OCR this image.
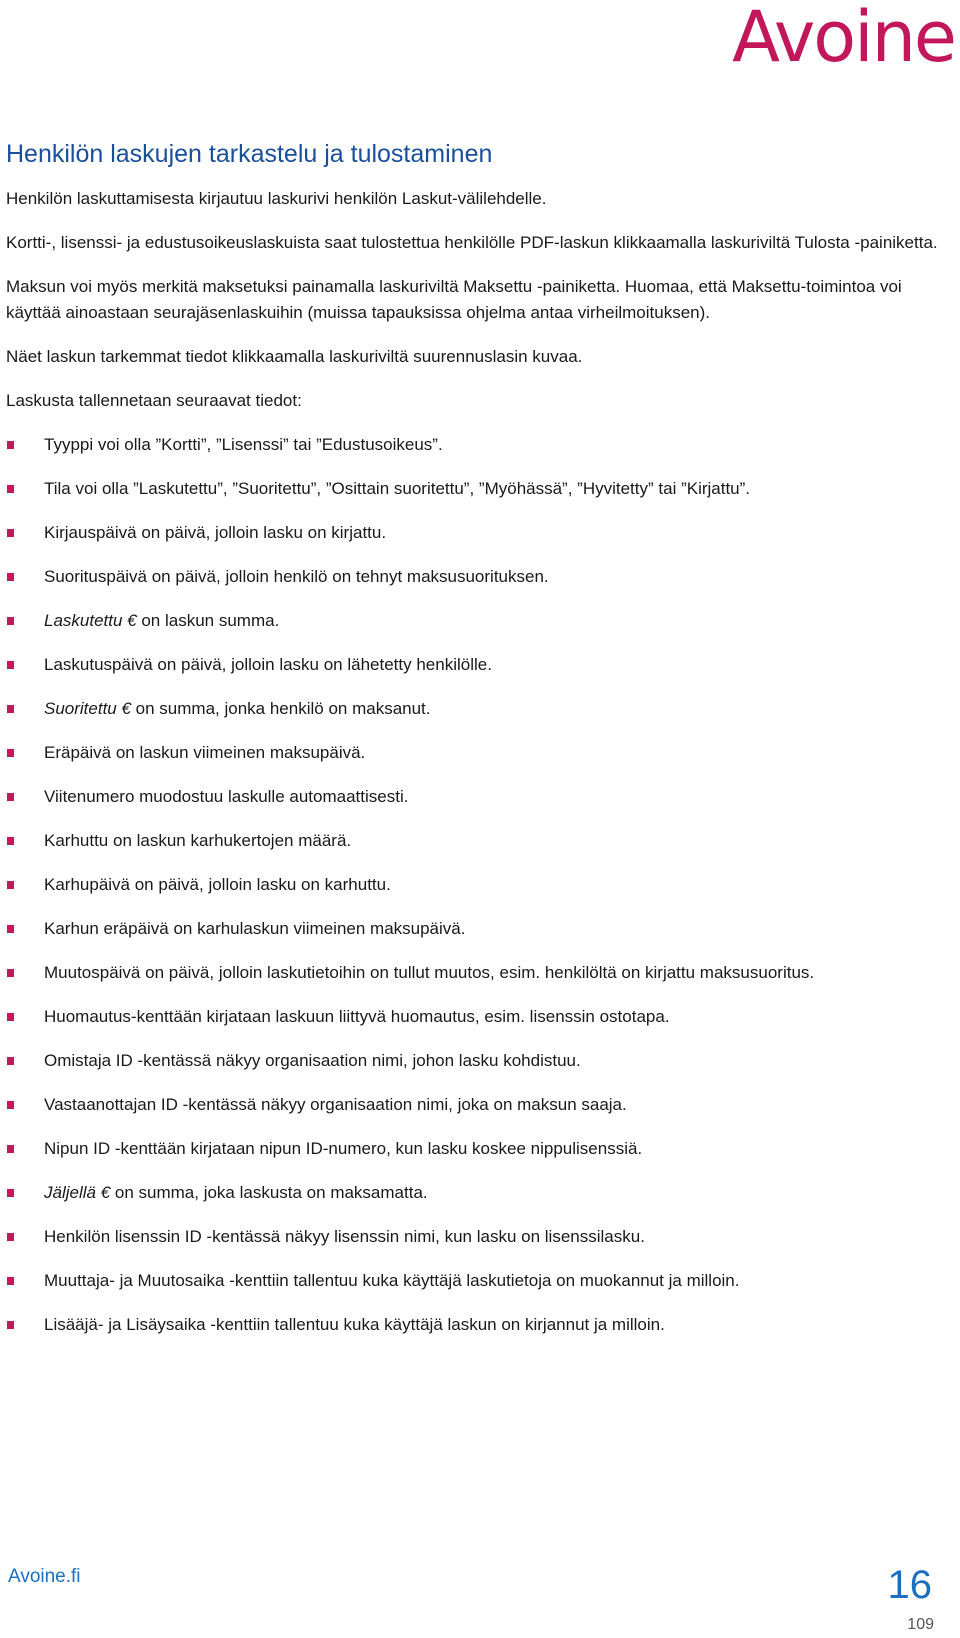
Avoine
Henkilön laskujen tarkastelu ja tulostaminen

Henkilön laskuttamisesta kirjautuu laskurivi henkilön Laskut-välilehdelle.

Kortti-, lisenssi- ja edustusoikeuslaskuista saat tulostettua henkilölle PDF-laskun klikkaamalla laskuriviltä Tulosta -painiketta.

Maksun voi myös merkitä maksetuksi painamalla laskuriviltä Maksettu -painiketta. Huomaa, että Maksettu-toimintoa voi käyttää ainoastaan seurajäsenlaskuihin (muissa tapauksissa ohjelma antaa virheilmoituksen).

Näet laskun tarkemmat tiedot klikkaamalla laskuriviltä suurennuslasin kuvaa.

Laskusta tallennetaan seuraavat tiedot:

Tyyppi voi olla ”Kortti”, ”Lisenssi” tai ”Edustusoikeus”.
Tila voi olla ”Laskutettu”, ”Suoritettu”, ”Osittain suoritettu”, ”Myöhässä”, ”Hyvitetty” tai ”Kirjattu”.
Kirjauspäivä on päivä, jolloin lasku on kirjattu.
Suorituspäivä on päivä, jolloin henkilö on tehnyt maksusuorituksen.
Laskutettu € on laskun summa.
Laskutuspäivä on päivä, jolloin lasku on lähetetty henkilölle.
Suoritettu € on summa, jonka henkilö on maksanut.
Eräpäivä on laskun viimeinen maksupäivä.
Viitenumero muodostuu laskulle automaattisesti.
Karhuttu on laskun karhukertojen määrä.
Karhupäivä on päivä, jolloin lasku on karhuttu.
Karhun eräpäivä on karhulaskun viimeinen maksupäivä.
Muutospäivä on päivä, jolloin laskutietoihin on tullut muutos, esim. henkilöltä on kirjattu maksusuoritus.
Huomautus-kenttään kirjataan laskuun liittyvä huomautus, esim. lisenssin ostotapa.
Omistaja ID -kentässä näkyy organisaation nimi, johon lasku kohdistuu.
Vastaanottajan ID -kentässä näkyy organisaation nimi, joka on maksun saaja.
Nipun ID -kenttään kirjataan nipun ID-numero, kun lasku koskee nippulisenssiä.
Jäljellä € on summa, joka laskusta on maksamatta.
Henkilön lisenssin ID -kentässä näkyy lisenssin nimi, kun lasku on lisenssilasku.
Muuttaja- ja Muutosaika -kenttiin tallentuu kuka käyttäjä laskutietoja on muokannut ja milloin.
Lisääjä- ja Lisäysaika -kenttiin tallentuu kuka käyttäjä laskun on kirjannut ja milloin.
Avoine.fi	16
109
